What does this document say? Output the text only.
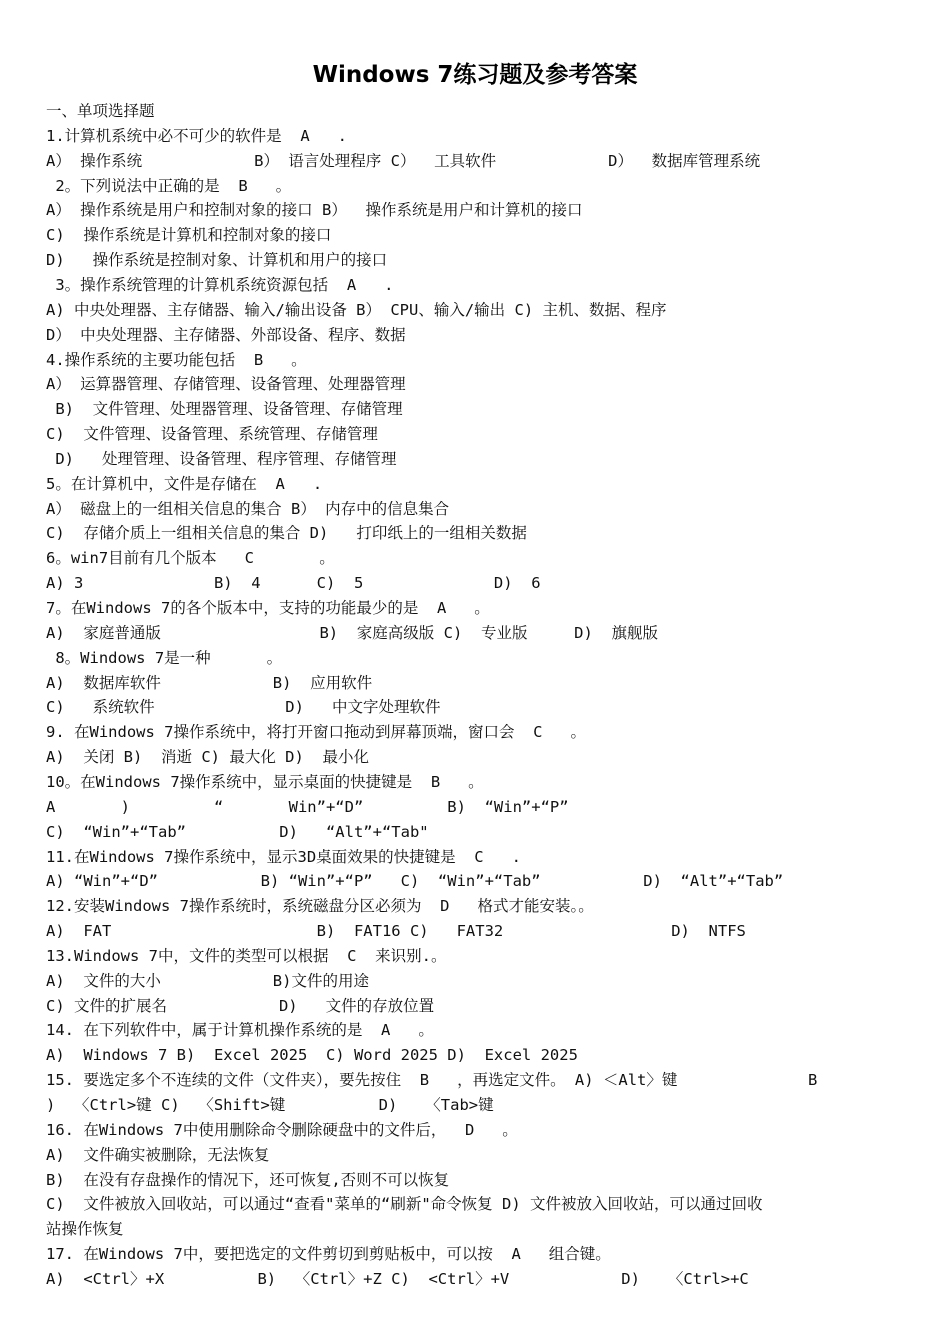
Windows 7练习题及参考答案
一、单项选择题
1.计算机系统中必不可少的软件是  A   .
A） 操作系统            B） 语言处理程序 C）  工具软件            D）  数据库管理系统
2。下列说法中正确的是  B   。
A） 操作系统是用户和控制对象的接口 B）  操作系统是用户和计算机的接口
C)  操作系统是计算机和控制对象的接口
D)   操作系统是控制对象、计算机和用户的接口
3。操作系统管理的计算机系统资源包括  A   .
A) 中央处理器、主存储器、输入/输出设备 B） CPU、输入/输出 C) 主机、数据、程序
D） 中央处理器、主存储器、外部设备、程序、数据
4.操作系统的主要功能包括  B   。
A） 运算器管理、存储管理、设备管理、处理器管理
B)  文件管理、处理器管理、设备管理、存储管理
C)  文件管理、设备管理、系统管理、存储管理
D)   处理管理、设备管理、程序管理、存储管理
5。在计算机中，文件是存储在  A   .
A） 磁盘上的一组相关信息的集合 B） 内存中的信息集合
C)  存储介质上一组相关信息的集合 D)   打印纸上的一组相关数据
6。win7目前有几个版本   C       。
A) 3              B)  4      C)  5              D)  6
7。在Windows 7的各个版本中，支持的功能最少的是  A   。
A)  家庭普通版                 B)  家庭高级版 C)  专业版     D)  旗舰版
8。Windows 7是一种      。
A)  数据库软件            B)  应用软件
C)   系统软件              D)   中文字处理软件
9. 在Windows 7操作系统中，将打开窗口拖动到屏幕顶端，窗口会  C   。
A)  关闭 B)  消逝 C) 最大化 D)  最小化
10。在Windows 7操作系统中，显示桌面的快捷键是  B   。
A       )         “       Win”+“D”         B)  “Win”+“P”
C)  “Win”+“Tab”          D)   “Alt”+“Tab"
11.在Windows 7操作系统中，显示3D桌面效果的快捷键是  C   .
A) “Win”+“D”           B) “Win”+“P”   C)  “Win”+“Tab”           D)  “Alt”+“Tab”
12.安装Windows 7操作系统时，系统磁盘分区必须为  D   格式才能安装。。
A)  FAT                      B)  FAT16 C)   FAT32                  D)  NTFS
13.Windows 7中，文件的类型可以根据  C  来识别.。
A)  文件的大小            B)文件的用途
C) 文件的扩展名            D)   文件的存放位置
14. 在下列软件中，属于计算机操作系统的是  A   。
A)  Windows 7 B)  Excel 2025  C) Word 2025 D)  Excel 2025
15. 要选定多个不连续的文件（文件夹），要先按住  B   ，再选定文件。 A) ＜Alt〉键              B
)  〈Ctrl>键 C)  〈Shift>键          D)   〈Tab>键
16. 在Windows 7中使用删除命令删除硬盘中的文件后，  D   。
A)  文件确实被删除，无法恢复
B)  在没有存盘操作的情况下，还可恢复,否则不可以恢复
C)  文件被放入回收站，可以通过“查看"菜单的“刷新"命令恢复 D) 文件被放入回收站，可以通过回收
站操作恢复
17. 在Windows 7中，要把选定的文件剪切到剪贴板中，可以按  A   组合键。
A)  <Ctrl〉+X          B)  〈Ctrl〉+Z C)  <Ctrl〉+V            D)   〈Ctrl>+C
